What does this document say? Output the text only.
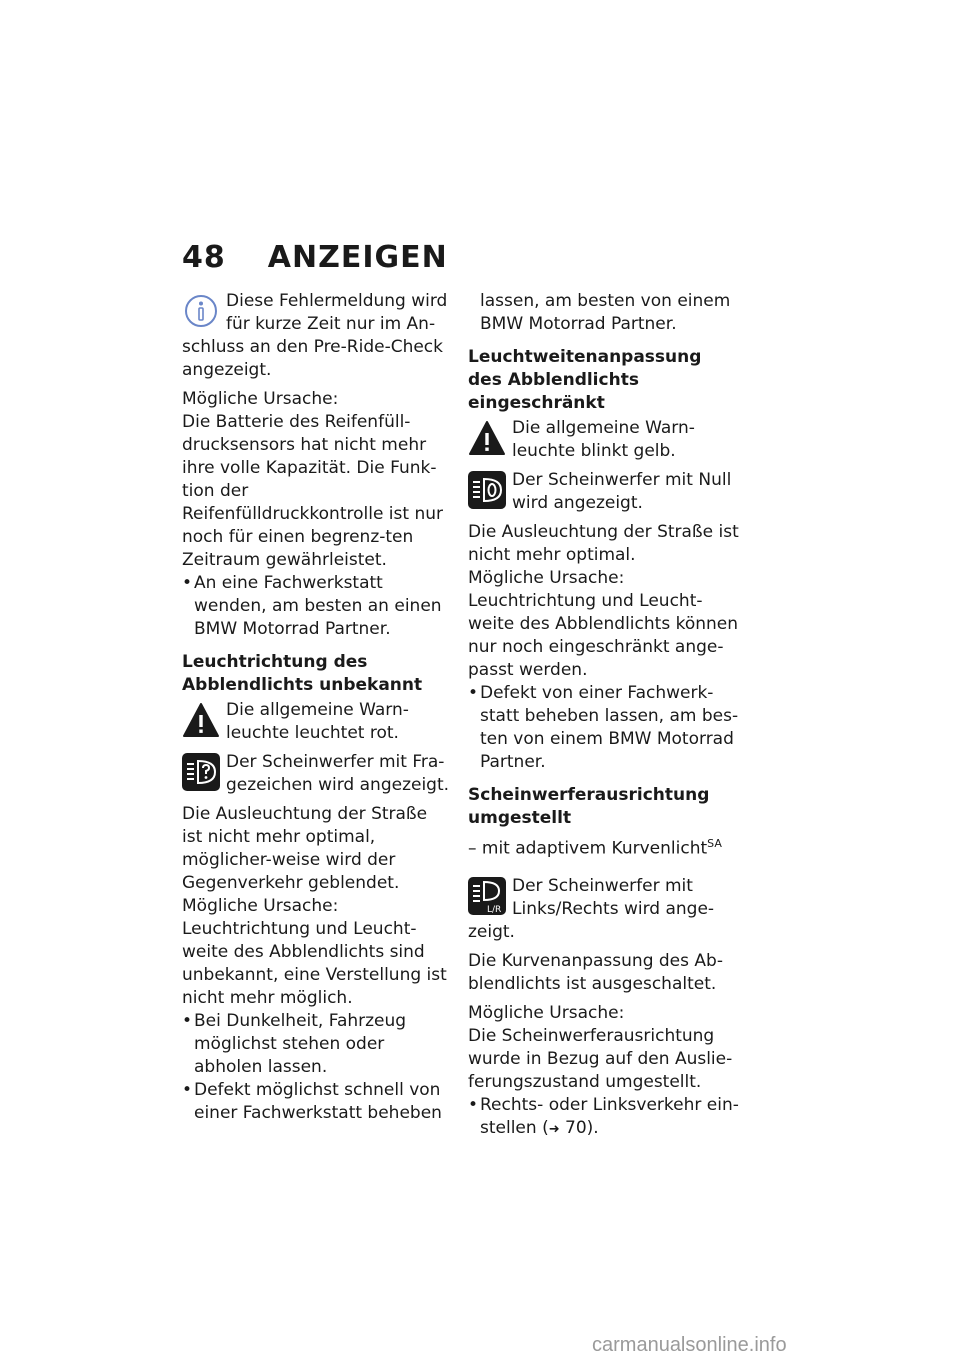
48 ANZEIGEN
Diese Fehlermeldung wird für kurze Zeit nur im An- schluss an den Pre-Ride-Check angezeigt.

Mögliche Ursache:

Die Batterie des Reifenfüll-drucksensors hat nicht mehr ihre volle Kapazität. Die Funk-tion der Reifenfülldruckkontrolle ist nur noch für einen begrenz-ten Zeitraum gewährleistet.

• An eine Fachwerkstatt wenden, am besten an einen BMW Motorrad Partner.
Leuchtrichtung des Abblendlichts unbekannt
Die allgemeine Warn-leuchte leuchtet rot.
Der Scheinwerfer mit Fra-gezeichen wird angezeigt.

Die Ausleuchtung der Straße ist nicht mehr optimal, möglicher-weise wird der Gegenverkehr geblendet.

Mögliche Ursache:

Leuchtrichtung und Leucht-weite des Abblendlichts sind unbekannt, eine Verstellung ist nicht mehr möglich.

• Bei Dunkelheit, Fahrzeug möglichst stehen oder abholen lassen.
• Defekt möglichst schnell von einer Fachwerkstatt beheben

lassen, am besten von einem BMW Motorrad Partner.

Leuchtweitenanpassung des Abblendlichts eingeschränkt
Die allgemeine Warn-leuchte blinkt gelb.
Der Scheinwerfer mit Null wird angezeigt.

Die Ausleuchtung der Straße ist nicht mehr optimal.

Mögliche Ursache:

Leuchtrichtung und Leucht-weite des Abblendlichts können nur noch eingeschränkt ange-passt werden.

• Defekt von einer Fachwerk-statt beheben lassen, am bes-ten von einem BMW Motorrad Partner.
Scheinwerferausrichtung umgestellt

– mit adaptivem Kurvenlicht$^{SA}$

L/R
Der Scheinwerfer mit Links/Rechts wird ange-zeigt.

Die Kurvenanpassung des Ab-blendlichts ist ausgeschaltet.

Mögliche Ursache:

Die Scheinwerferausrichtung wurde in Bezug auf den Auslie-ferungszustand umgestellt.

• Rechts- oder Linksverkehr ein-stellen (➜ 70).
carmanualsonline.info
